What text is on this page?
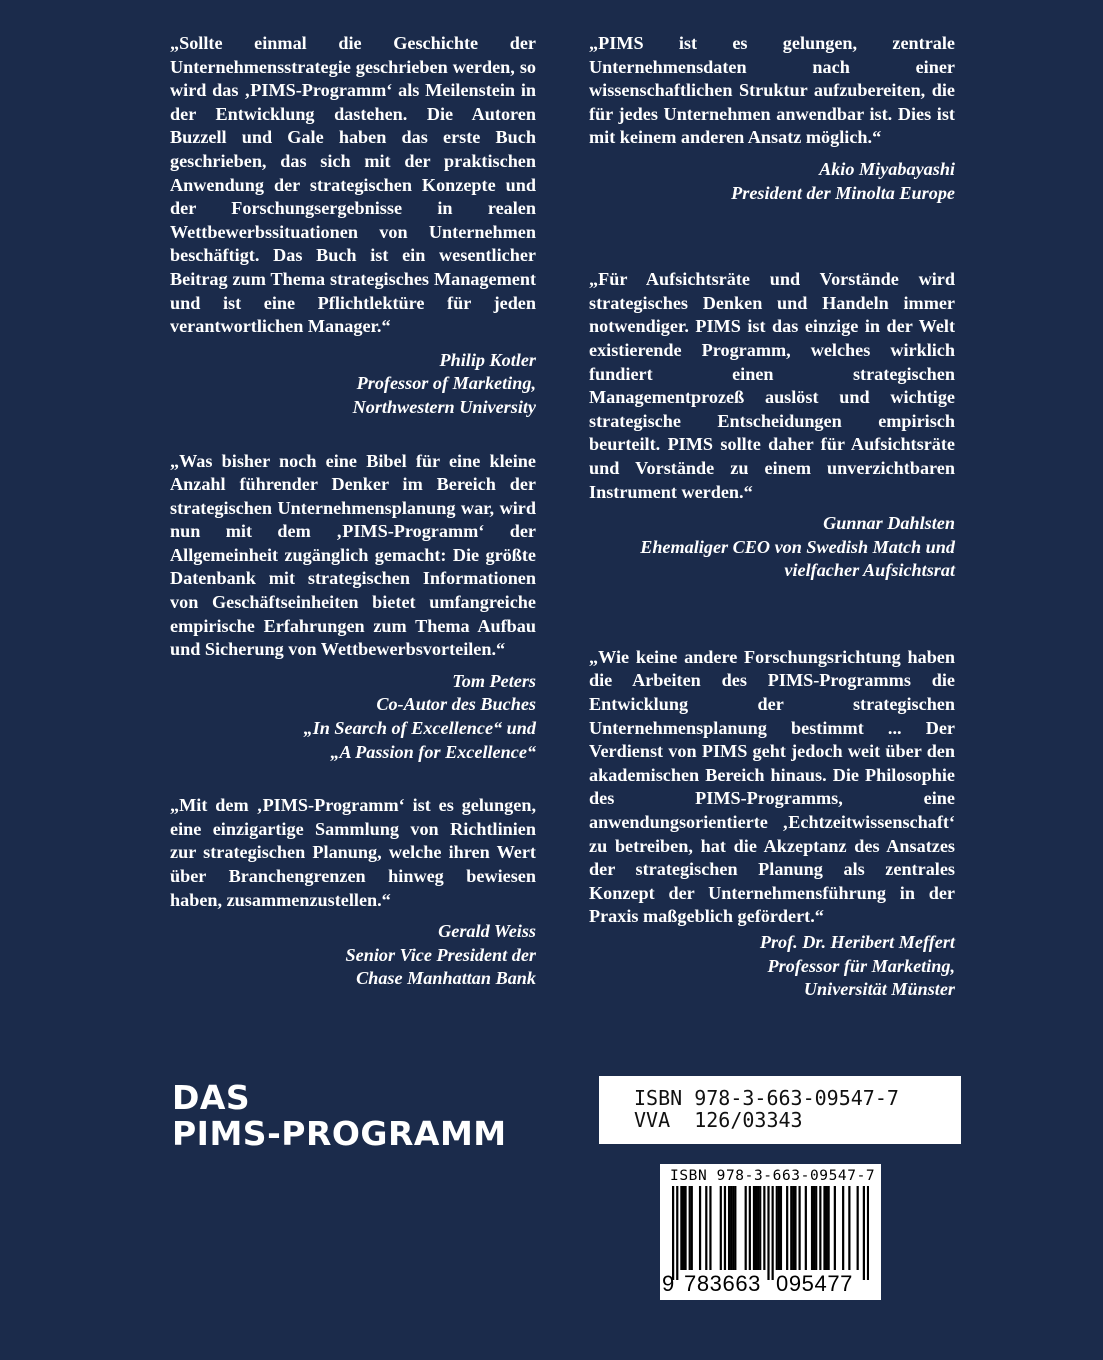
„Sollte einmal die Geschichte der Unternehmensstrategie geschrieben werden, so wird das ‚PIMS-Programm‘ als Meilenstein in der Entwicklung dastehen. Die Autoren Buzzell und Gale haben das erste Buch geschrieben, das sich mit der praktischen Anwendung der strategischen Konzepte und der Forschungsergebnisse in realen Wettbewerbssituationen von Unternehmen beschäftigt. Das Buch ist ein wesentlicher Beitrag zum Thema strategisches Management und ist eine Pflichtlektüre für jeden verantwortlichen Manager.“

Philip Kotler
Professor of Marketing,
Northwestern University

„Was bisher noch eine Bibel für eine kleine Anzahl führender Denker im Bereich der strategischen Unternehmensplanung war, wird nun mit dem ‚PIMS-Programm‘ der Allgemeinheit zugänglich gemacht: Die größte Datenbank mit strategischen Informationen von Geschäftseinheiten bietet umfangreiche empirische Erfahrungen zum Thema Aufbau und Sicherung von Wettbewerbsvorteilen.“

Tom Peters
Co-Autor des Buches
„In Search of Excellence“ und
„A Passion for Excellence“

„Mit dem ‚PIMS-Programm‘ ist es gelungen, eine einzigartige Sammlung von Richtlinien zur strategischen Planung, welche ihren Wert über Branchengrenzen hinweg bewiesen haben, zusammenzustellen.“

Gerald Weiss
Senior Vice President der
Chase Manhattan Bank

„PIMS ist es gelungen, zentrale Unternehmensdaten nach einer wissenschaftlichen Struktur aufzubereiten, die für jedes Unternehmen anwendbar ist. Dies ist mit keinem anderen Ansatz möglich.“

Akio Miyabayashi
President der Minolta Europe

„Für Aufsichtsräte und Vorstände wird strategisches Denken und Handeln immer notwendiger. PIMS ist das einzige in der Welt existierende Programm, welches wirklich fundiert einen strategischen Managementprozeß auslöst und wichtige strategische Entscheidungen empirisch beurteilt. PIMS sollte daher für Aufsichtsräte und Vorstände zu einem unverzichtbaren Instrument werden.“

Gunnar Dahlsten
Ehemaliger CEO von Swedish Match und
vielfacher Aufsichtsrat

„Wie keine andere Forschungsrichtung haben die Arbeiten des PIMS-Programms die Entwicklung der strategischen Unternehmensplanung bestimmt ... Der Verdienst von PIMS geht jedoch weit über den akademischen Bereich hinaus. Die Philosophie des PIMS-Programms, eine anwendungsorientierte ‚Echtzeitwissenschaft‘ zu betreiben, hat die Akzeptanz des Ansatzes der strategischen Planung als zentrales Konzept der Unternehmensführung in der Praxis maßgeblich gefördert.“

Prof. Dr. Heribert Meffert
Professor für Marketing,
Universität Münster
DAS
PIMS-PROGRAMM
ISBN 978-3-663-09547-7
VVA  126/03343
ISBN 978-3-663-09547-7
9 783663 095477
